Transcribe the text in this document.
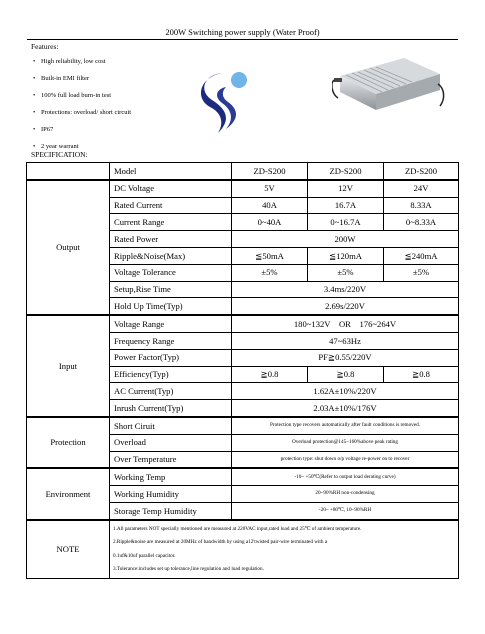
200W Switching power supply (Water Proof)
Features:
• High reliability, low cost
• Built-in EMI filter
• 100% full load burn-in test
• Protections: overload/ short circuit
• IP67
• 2 year warrant
SPECIFICATION:
	Model	ZD-S200	ZD-S200	ZD-S200
Output	DC Voltage	5V	12V	24V
	Rated Current	40A	16.7A	8.33A
	Current Range	0~40A	0~16.7A	0~8.33A
	Rated Power	200W		
	Ripple&Noise(Max)	≦50mA	≦120mA	≦240mA
	Voltage Tolerance	±5%	±5%	±5%
	Setup,Rise Time	3.4ms/220V		
	Hold Up Time(Typ)	2.69s/220V		
Input	Voltage Range	180~132V    OR    176~264V		
	Frequency Range	47~63Hz		
	Power Factor(Typ)	PF≧0.55/220V		
	Efficiency(Typ)	≧0.8	≧0.8	≧0.8
	AC Current(Typ)	1.62A±10%/220V		
	Inrush Current(Typ)	2.03A±10%/176V		
Protection	Short Ciruit	Protection type recovers automatically after fault conditions is removed.		
	Overload	Overload protection@145~160%above peak rating		
	Over Temperature	protection type: shut down o/p voltage re-power on to recover		
Environment	Working Temp	-10~ +50℃(Refer to output load derating curve)		
	Working Humidity	20~90%RH non-condensing		
	Storage Temp Humidity	-20~ +80℃, 10~90%RH		
NOTE	1.All parameters NOT specially mentioned are measured at 220VAC input,rated load and 25℃ of ambient temperature.

2.Ripple&noise are measured at 20MHz of bandwidth by using a12'twisted pair-wire terminated with a

0.1uf&10uf parallel capacitor.

3.Tolerance:includes set up tolerance,line regulation and load regulation.			
